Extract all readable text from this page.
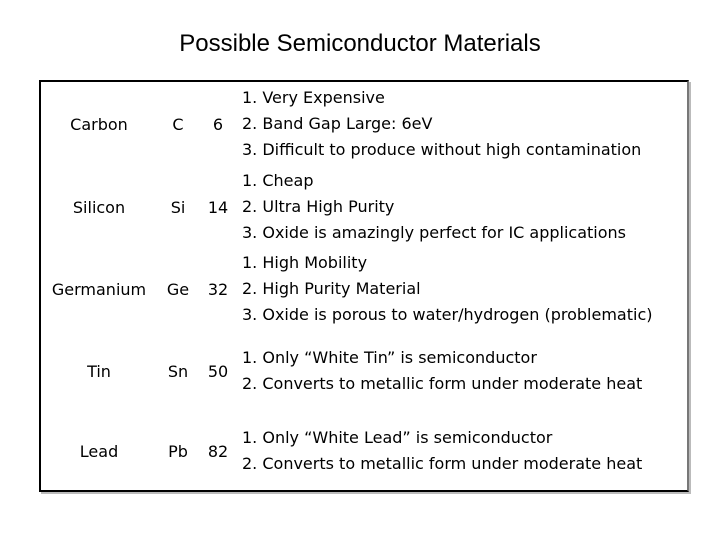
Possible Semiconductor Materials
Carbon	C	6
1. Very Expensive
2. Band Gap Large: 6eV
3. Difficult to produce without high contamination
Silicon	Si	14
1. Cheap
2. Ultra High Purity
3. Oxide is amazingly perfect for IC applications
Germanium	Ge	32
1. High Mobility
2. High Purity Material
3. Oxide is porous to water/hydrogen (problematic)
Tin	Sn	50
1. Only “White Tin” is semiconductor
2. Converts to metallic form under moderate heat
Lead	Pb	82
1. Only “White Lead” is semiconductor
2. Converts to metallic form under moderate heat
